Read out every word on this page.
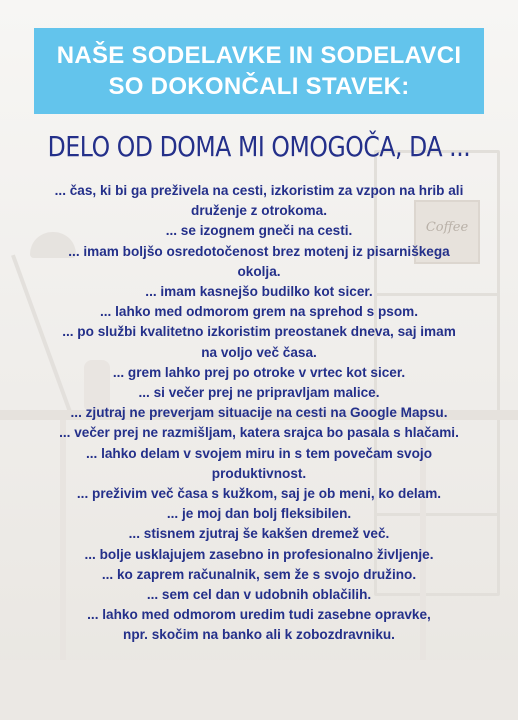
Coffee
NAŠE SODELAVKE IN SODELAVCI
SO DOKONČALI STAVEK:
DELO OD DOMA MI OMOGOČA, DA ...
... čas, ki bi ga preživela na cesti, izkoristim za vzpon na hrib ali
druženje z otrokoma.
... se izognem gneči na cesti.
... imam boljšo osredotočenost brez motenj iz pisarniškega
okolja.
... imam kasnejšo budilko kot sicer.
... lahko med odmorom grem na sprehod s psom.
... po službi kvalitetno izkoristim preostanek dneva, saj imam
na voljo več časa.
... grem lahko prej po otroke v vrtec kot sicer.
... si večer prej ne pripravljam malice.
... zjutraj ne preverjam situacije na cesti na Google Mapsu.
... večer prej ne razmišljam, katera srajca bo pasala s hlačami.
... lahko delam v svojem miru in s tem povečam svojo
produktivnost.
... preživim več časa s kužkom, saj je ob meni, ko delam.
... je moj dan bolj fleksibilen.
... stisnem zjutraj še kakšen dremež več.
... bolje usklajujem zasebno in profesionalno življenje.
... ko zaprem računalnik, sem že s svojo družino.
... sem cel dan v udobnih oblačilih.
... lahko med odmorom uredim tudi zasebne opravke,
npr. skočim na banko ali k zobozdravniku.
